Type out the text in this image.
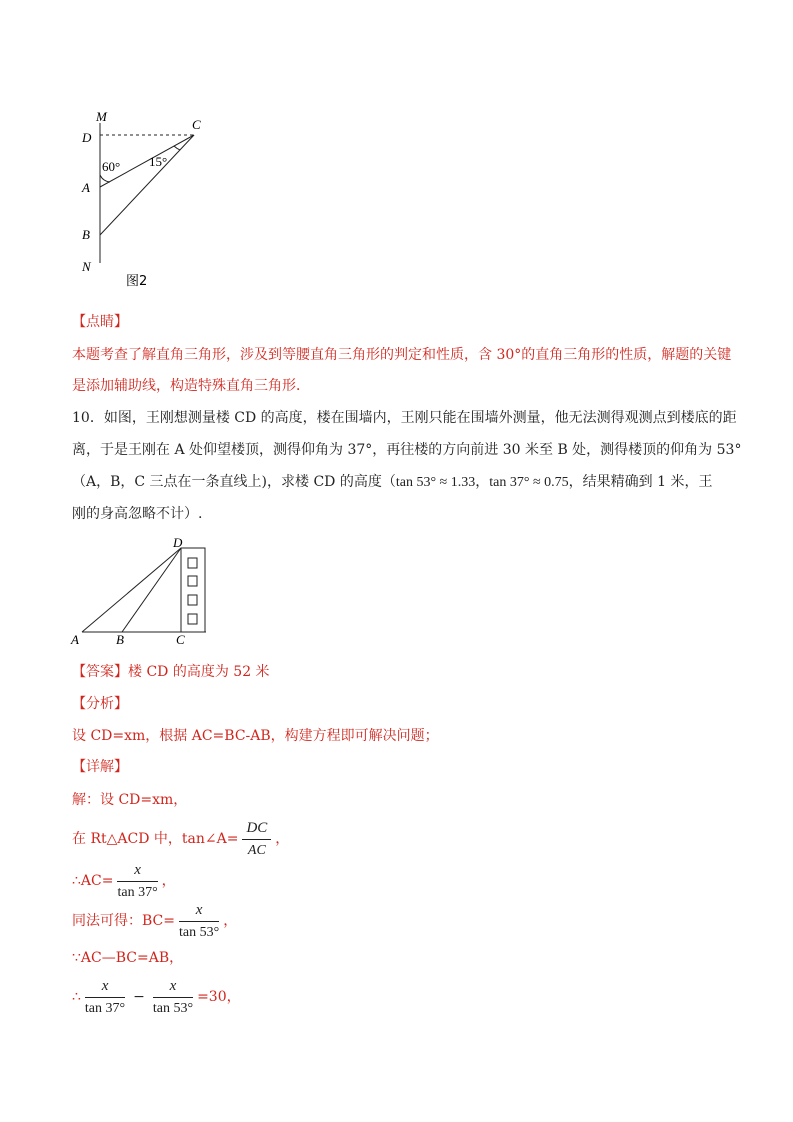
M
D
C
60° 15°
A
B
N
图2
【点睛】
本题考查了解直角三角形，涉及到等腰直角三角形的判定和性质，含 30°的直角三角形的性质，解题的关键
是添加辅助线，构造特殊直角三角形．
10．如图，王刚想测量楼 CD 的高度，楼在围墙内，王刚只能在围墙外测量，他无法测得观测点到楼底的距
离，于是王刚在 A 处仰望楼顶，测得仰角为 37°，再往楼的方向前进 30 米至 B 处，测得楼顶的仰角为 53°
（A，B，C 三点在一条直线上)，求楼 CD 的高度（tan 53° ≈ 1.33，tan 37° ≈ 0.75，结果精确到 1 米，王
刚的身高忽略不计）.
D
A	B	C
【答案】楼 CD 的高度为 52 米
【分析】
设 CD=xm，根据 AC=BC-AB，构建方程即可解决问题；
【详解】
解：设 CD=xm，
在 Rt△ACD 中，tan∠A= $\frac{DC}{AC}$ ，
∴AC= $\frac{x}{\tan 37^\circ}$ ，
同法可得：$BC= \frac{x}{\tan 53^\circ}$ ，
∵AC—BC=AB，
∴ $\frac{x}{\tan 37^\circ} - \frac{x}{\tan 53^\circ} =30$，
